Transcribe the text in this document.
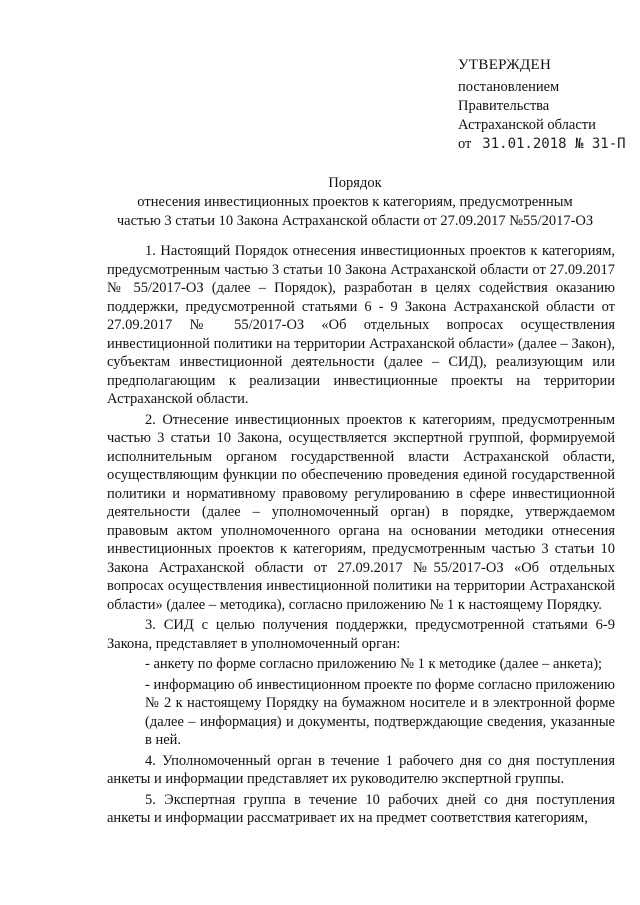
УТВЕРЖДЕН
постановлением
Правительства
Астраханской области
от 31.01.2018 № 31-П
Порядок
отнесения инвестиционных проектов к категориям, предусмотренным
частью 3 статьи 10 Закона Астраханской области от 27.09.2017 №55/2017-ОЗ

1. Настоящий Порядок отнесения инвестиционных проектов к категориям, предусмотренным частью 3 статьи 10 Закона Астраханской области от 27.09.2017 № 55/2017-ОЗ (далее – Порядок), разработан в целях содействия оказанию поддержки, предусмотренной статьями 6 - 9 Закона Астраханской области от 27.09.2017 № 55/2017-ОЗ «Об отдельных вопросах осуществления инвестиционной политики на территории Астраханской области» (далее – Закон), субъектам инвестиционной деятельности (далее – СИД), реализующим или предполагающим к реализации инвестиционные проекты на территории Астраханской области.

2. Отнесение инвестиционных проектов к категориям, предусмотренным частью 3 статьи 10 Закона, осуществляется экспертной группой, формируемой исполнительным органом государственной власти Астраханской области, осуществляющим функции по обеспечению проведения единой государственной политики и нормативному правовому регулированию в сфере инвестиционной деятельности (далее – уполномоченный орган) в порядке, утверждаемом правовым актом уполномоченного органа на основании методики отнесения инвестиционных проектов к категориям, предусмотренным частью 3 статьи 10 Закона Астраханской области от 27.09.2017 №55/2017-ОЗ «Об отдельных вопросах осуществления инвестиционной политики на территории Астраханской области» (далее – методика), согласно приложению № 1 к настоящему Порядку.

3. СИД с целью получения поддержки, предусмотренной статьями 6-9 Закона, представляет в уполномоченный орган:

- анкету по форме согласно приложению № 1 к методике (далее – анкета);

- информацию об инвестиционном проекте по форме согласно приложению № 2 к настоящему Порядку на бумажном носителе и в электронной форме (далее – информация) и документы, подтверждающие сведения, указанные в ней.

4. Уполномоченный орган в течение 1 рабочего дня со дня поступления анкеты и информации представляет их руководителю экспертной группы.

5. Экспертная группа в течение 10 рабочих дней со дня поступления анкеты и информации рассматривает их на предмет соответствия категориям,
